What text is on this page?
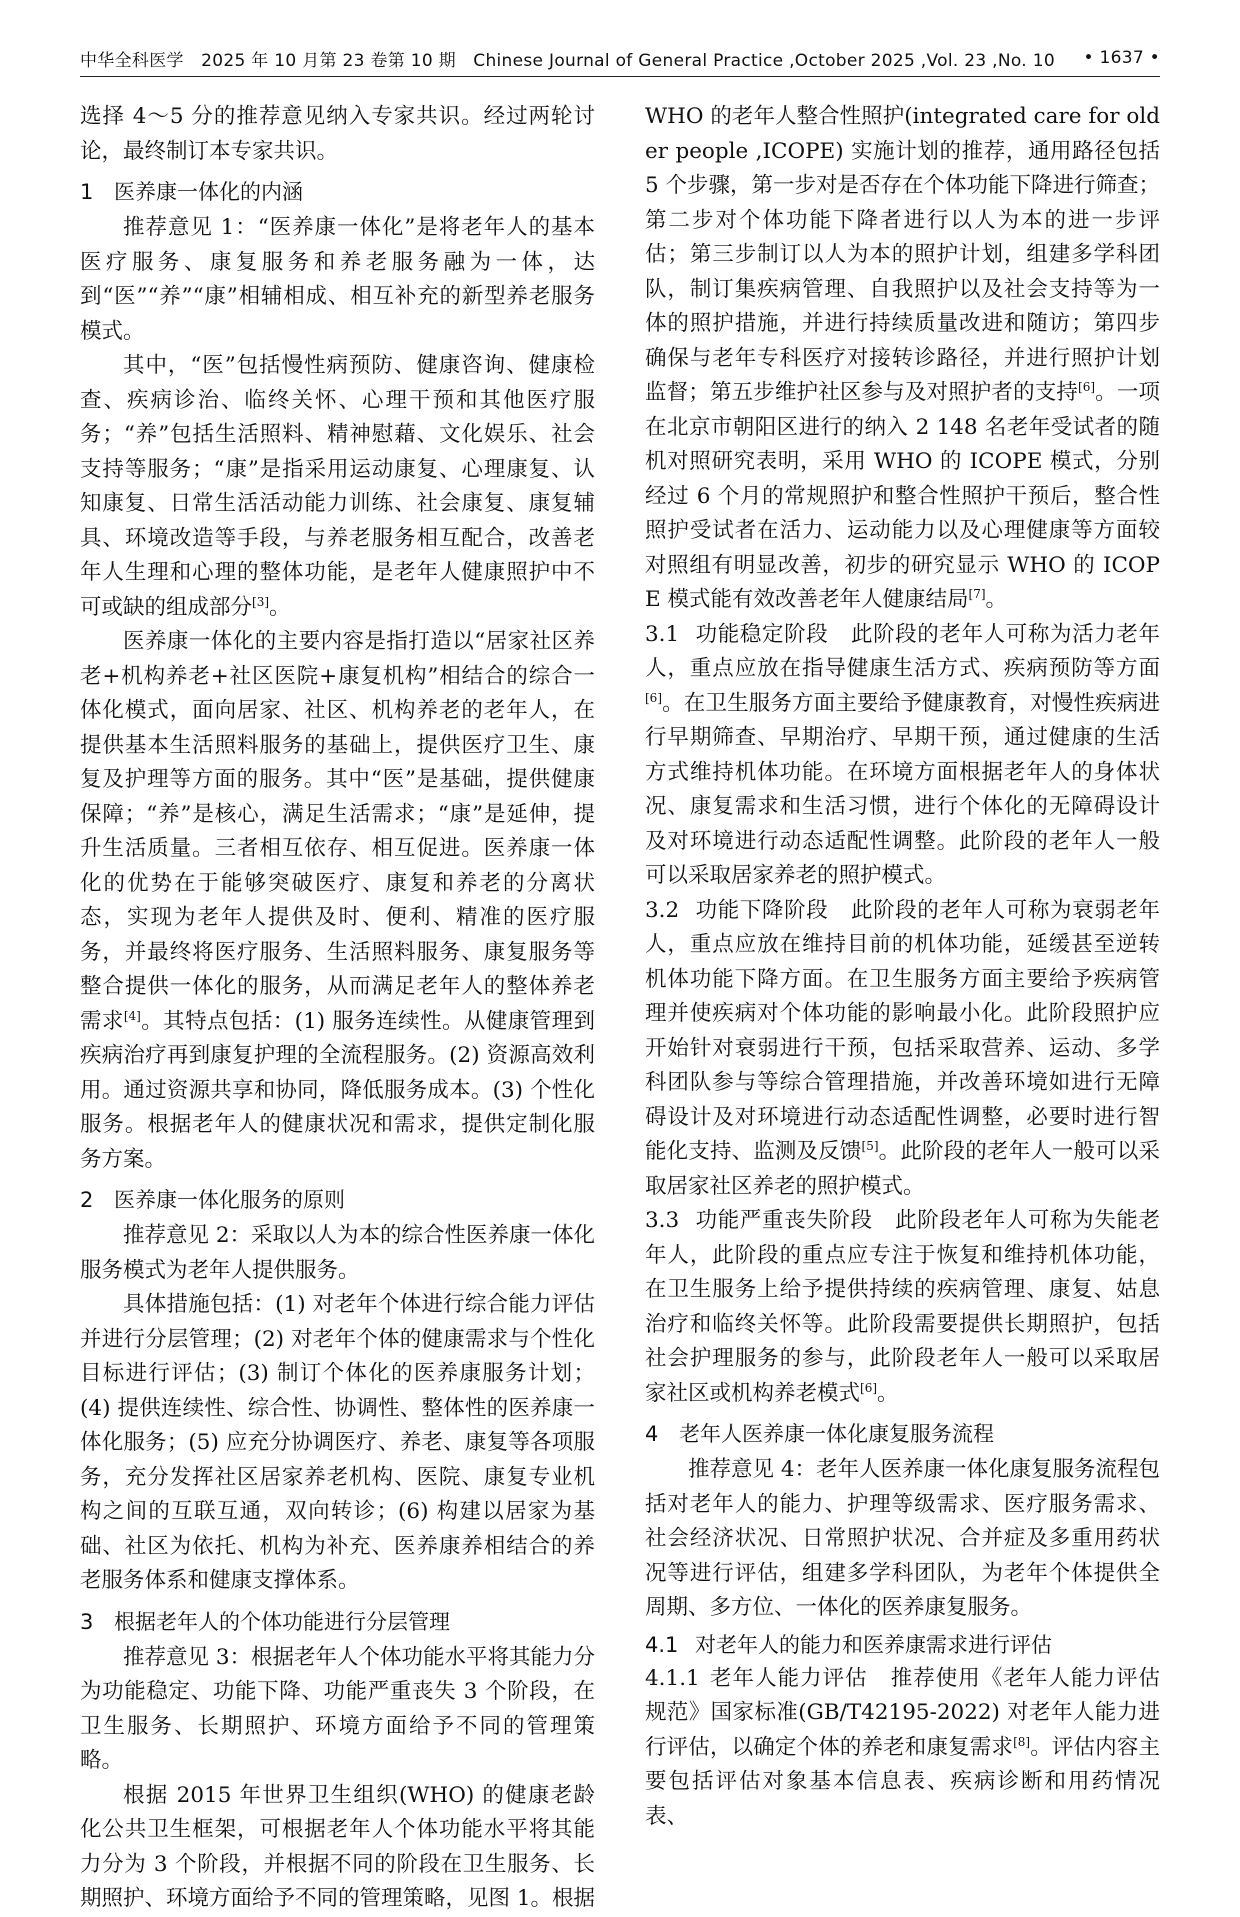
中华全科医学　2025 年 10 月第 23 卷第 10 期　Chinese Journal of General Practice ,October 2025 ,Vol. 23 ,No. 10 • 1637 •

选择 4～5 分的推荐意见纳入专家共识。经过两轮讨论，最终制订本专家共识。

1 医养康一体化的内涵

推荐意见 1：“医养康一体化”是将老年人的基本医疗服务、康复服务和养老服务融为一体，达到“医”“养”“康”相辅相成、相互补充的新型养老服务模式。

其中，“医”包括慢性病预防、健康咨询、健康检查、疾病诊治、临终关怀、心理干预和其他医疗服务；“养”包括生活照料、精神慰藉、文化娱乐、社会支持等服务；“康”是指采用运动康复、心理康复、认知康复、日常生活活动能力训练、社会康复、康复辅具、环境改造等手段，与养老服务相互配合，改善老年人生理和心理的整体功能，是老年人健康照护中不可或缺的组成部分[3]。

医养康一体化的主要内容是指打造以“居家社区养老+机构养老+社区医院+康复机构”相结合的综合一体化模式，面向居家、社区、机构养老的老年人，在提供基本生活照料服务的基础上，提供医疗卫生、康复及护理等方面的服务。其中“医”是基础，提供健康保障；“养”是核心，满足生活需求；“康”是延伸，提升生活质量。三者相互依存、相互促进。医养康一体化的优势在于能够突破医疗、康复和养老的分离状态，实现为老年人提供及时、便利、精准的医疗服务，并最终将医疗服务、生活照料服务、康复服务等整合提供一体化的服务，从而满足老年人的整体养老需求[4]。其特点包括：(1) 服务连续性。从健康管理到疾病治疗再到康复护理的全流程服务。(2) 资源高效利用。通过资源共享和协同，降低服务成本。(3) 个性化服务。根据老年人的健康状况和需求，提供定制化服务方案。

2 医养康一体化服务的原则

推荐意见 2：采取以人为本的综合性医养康一体化服务模式为老年人提供服务。

具体措施包括：(1) 对老年个体进行综合能力评估并进行分层管理；(2) 对老年个体的健康需求与个性化目标进行评估；(3) 制订个体化的医养康服务计划；(4) 提供连续性、综合性、协调性、整体性的医养康一体化服务；(5) 应充分协调医疗、养老、康复等各项服务，充分发挥社区居家养老机构、医院、康复专业机构之间的互联互通，双向转诊；(6) 构建以居家为基础、社区为依托、机构为补充、医养康养相结合的养老服务体系和健康支撑体系。

3 根据老年人的个体功能进行分层管理

推荐意见 3：根据老年人个体功能水平将其能力分为功能稳定、功能下降、功能严重丧失 3 个阶段，在卫生服务、长期照护、环境方面给予不同的管理策略。

根据 2015 年世界卫生组织(WHO) 的健康老龄化公共卫生框架，可根据老年人个体功能水平将其能力分为 3 个阶段，并根据不同的阶段在卫生服务、长期照护、环境方面给予不同的管理策略，见图 1。根据

WHO 的老年人整合性照护(integrated care for older people ,ICOPE) 实施计划的推荐，通用路径包括 5 个步骤，第一步对是否存在个体功能下降进行筛查；第二步对个体功能下降者进行以人为本的进一步评估；第三步制订以人为本的照护计划，组建多学科团队，制订集疾病管理、自我照护以及社会支持等为一体的照护措施，并进行持续质量改进和随访；第四步确保与老年专科医疗对接转诊路径，并进行照护计划监督；第五步维护社区参与及对照护者的支持[6]。一项在北京市朝阳区进行的纳入 2 148 名老年受试者的随机对照研究表明，采用 WHO 的 ICOPE 模式，分别经过 6 个月的常规照护和整合性照护干预后，整合性照护受试者在活力、运动能力以及心理健康等方面较对照组有明显改善，初步的研究显示 WHO 的 ICOPE 模式能有效改善老年人健康结局[7]。

3.1 功能稳定阶段 此阶段的老年人可称为活力老年人，重点应放在指导健康生活方式、疾病预防等方面[6]。在卫生服务方面主要给予健康教育，对慢性疾病进行早期筛查、早期治疗、早期干预，通过健康的生活方式维持机体功能。在环境方面根据老年人的身体状况、康复需求和生活习惯，进行个体化的无障碍设计及对环境进行动态适配性调整。此阶段的老年人一般可以采取居家养老的照护模式。

3.2 功能下降阶段 此阶段的老年人可称为衰弱老年人，重点应放在维持目前的机体功能，延缓甚至逆转机体功能下降方面。在卫生服务方面主要给予疾病管理并使疾病对个体功能的影响最小化。此阶段照护应开始针对衰弱进行干预，包括采取营养、运动、多学科团队参与等综合管理措施，并改善环境如进行无障碍设计及对环境进行动态适配性调整，必要时进行智能化支持、监测及反馈[5]。此阶段的老年人一般可以采取居家社区养老的照护模式。

3.3 功能严重丧失阶段 此阶段老年人可称为失能老年人，此阶段的重点应专注于恢复和维持机体功能，在卫生服务上给予提供持续的疾病管理、康复、姑息治疗和临终关怀等。此阶段需要提供长期照护，包括社会护理服务的参与，此阶段老年人一般可以采取居家社区或机构养老模式[6]。

4 老年人医养康一体化康复服务流程

推荐意见 4：老年人医养康一体化康复服务流程包括对老年人的能力、护理等级需求、医疗服务需求、社会经济状况、日常照护状况、合并症及多重用药状况等进行评估，组建多学科团队，为老年个体提供全周期、多方位、一体化的医养康复服务。

4.1 对老年人的能力和医养康需求进行评估

4.1.1 老年人能力评估 推荐使用《老年人能力评估规范》国家标准(GB/T42195-2022) 对老年人能力进行评估，以确定个体的养老和康复需求[8]。评估内容主要包括评估对象基本信息表、疾病诊断和用药情况表、
